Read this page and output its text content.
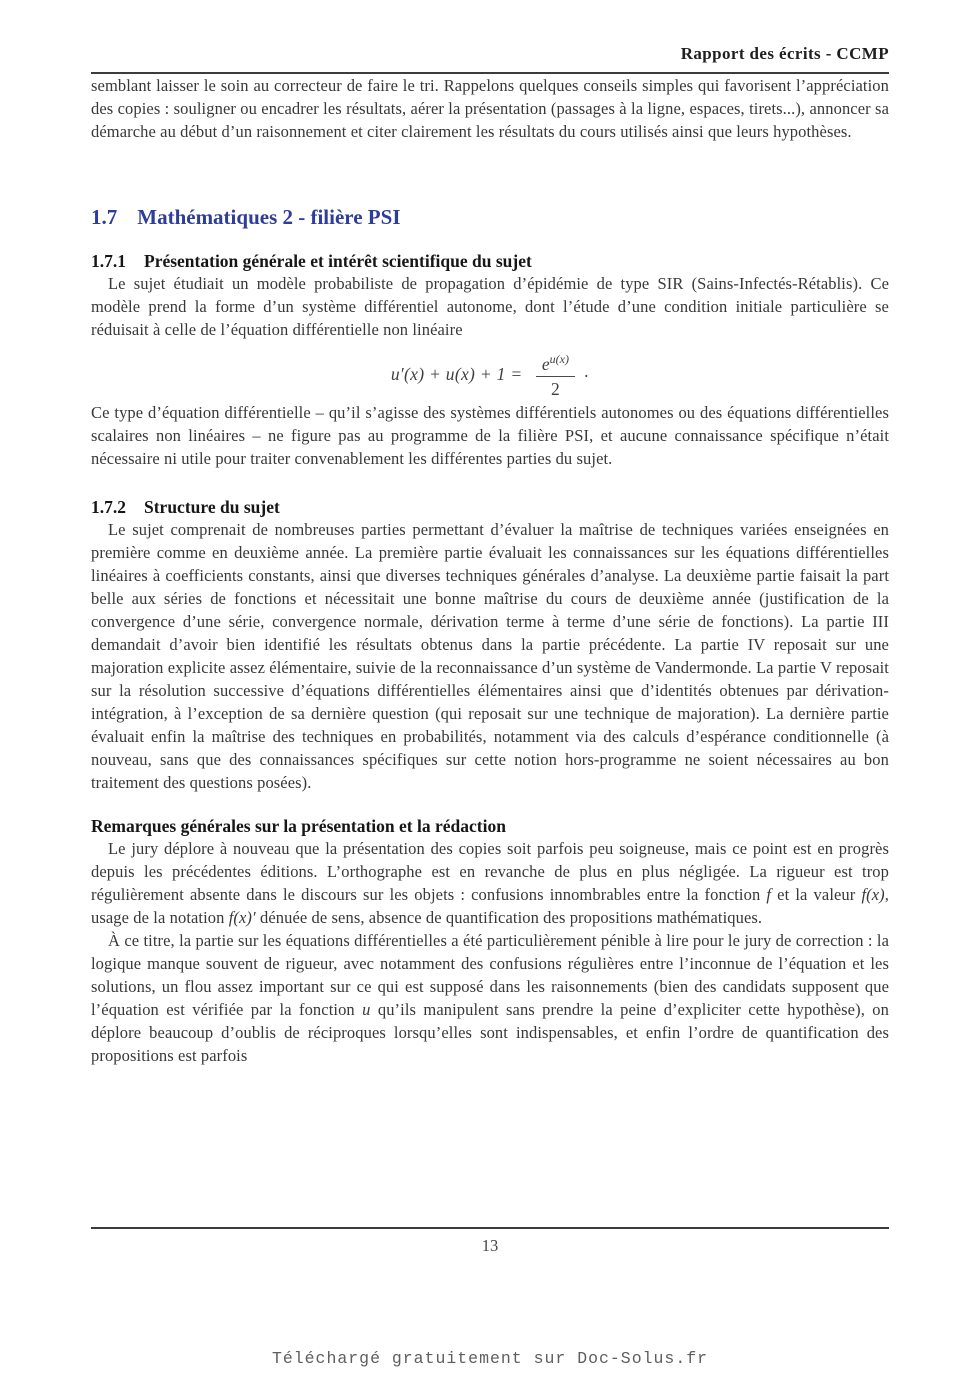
Rapport des écrits - CCMP

semblant laisser le soin au correcteur de faire le tri. Rappelons quelques conseils simples qui favorisent l’appréciation des copies : souligner ou encadrer les résultats, aérer la présentation (passages à la ligne, espaces, tirets...), annoncer sa démarche au début d’un raisonnement et citer clairement les résultats du cours utilisés ainsi que leurs hypothèses.

1.7 Mathématiques 2 - filière PSI
1.7.1 Présentation générale et intérêt scientifique du sujet

Le sujet étudiait un modèle probabiliste de propagation d’épidémie de type SIR (Sains-Infectés-Rétablis). Ce modèle prend la forme d’un système différentiel autonome, dont l’étude d’une condition initiale particulière se réduisait à celle de l’équation différentielle non linéaire

$u'(x) + u(x) + 1 = \frac{e^{u(x)}}{2}$ ·

Ce type d’équation différentielle – qu’il s’agisse des systèmes différentiels autonomes ou des équations différentielles scalaires non linéaires – ne figure pas au programme de la filière PSI, et aucune connaissance spécifique n’était nécessaire ni utile pour traiter convenablement les différentes parties du sujet.

1.7.2 Structure du sujet

Le sujet comprenait de nombreuses parties permettant d’évaluer la maîtrise de techniques variées enseignées en première comme en deuxième année. La première partie évaluait les connaissances sur les équations différentielles linéaires à coefficients constants, ainsi que diverses techniques générales d’analyse. La deuxième partie faisait la part belle aux séries de fonctions et nécessitait une bonne maîtrise du cours de deuxième année (justification de la convergence d’une série, convergence normale, dérivation terme à terme d’une série de fonctions). La partie III demandait d’avoir bien identifié les résultats obtenus dans la partie précédente. La partie IV reposait sur une majoration explicite assez élémentaire, suivie de la reconnaissance d’un système de Vandermonde. La partie V reposait sur la résolution successive d’équations différentielles élémentaires ainsi que d’identités obtenues par dérivation-intégration, à l’exception de sa dernière question (qui reposait sur une technique de majoration). La dernière partie évaluait enfin la maîtrise des techniques en probabilités, notamment via des calculs d’espérance conditionnelle (à nouveau, sans que des connaissances spécifiques sur cette notion hors-programme ne soient nécessaires au bon traitement des questions posées).

Remarques générales sur la présentation et la rédaction

Le jury déplore à nouveau que la présentation des copies soit parfois peu soigneuse, mais ce point est en progrès depuis les précédentes éditions. L’orthographe est en revanche de plus en plus négligée. La rigueur est trop régulièrement absente dans le discours sur les objets : confusions innombrables entre la fonction f et la valeur f(x), usage de la notation f(x)′ dénuée de sens, absence de quantification des propositions mathématiques.

À ce titre, la partie sur les équations différentielles a été particulièrement pénible à lire pour le jury de correction : la logique manque souvent de rigueur, avec notamment des confusions régulières entre l’inconnue de l’équation et les solutions, un flou assez important sur ce qui est supposé dans les raisonnements (bien des candidats supposent que l’équation est vérifiée par la fonction u qu’ils manipulent sans prendre la peine d’expliciter cette hypothèse), on déplore beaucoup d’oublis de réciproques lorsqu’elles sont indispensables, et enfin l’ordre de quantification des propositions est parfois

13
Téléchargé gratuitement sur Doc-Solus.fr
